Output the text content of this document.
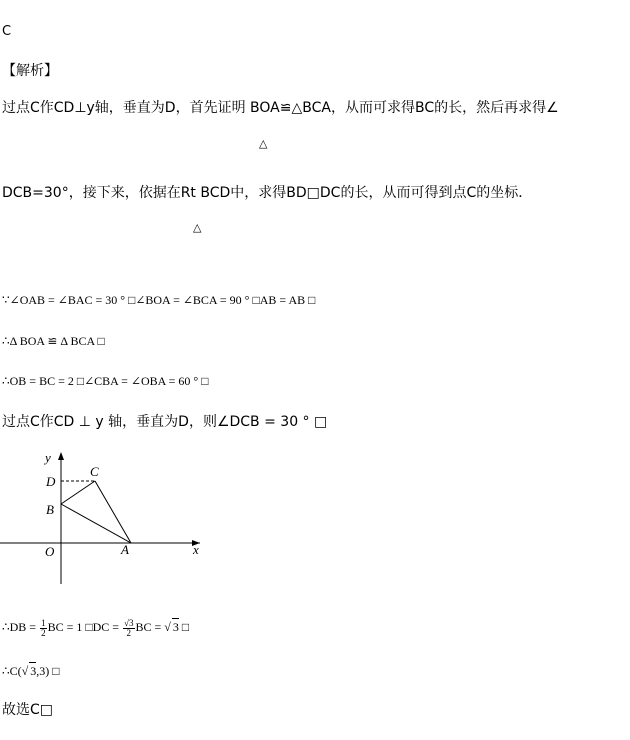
C
【解析】
过点C作CD⊥y轴，垂直为D，首先证明 BOA≌△BCA，从而可求得BC的长，然后再求得∠
△
DCB=30°，接下来，依据在Rt BCD中，求得BD□DC的长，从而可得到点C的坐标．
△
∵∠OAB = ∠BAC = 30 ° □∠BOA = ∠BCA = 90 ° □AB = AB □
∴Δ BOA ≌ Δ BCA □
∴OB = BC = 2 □∠CBA = ∠OBA = 60 ° □
过点C作CD ⊥ y 轴，垂直为D，则∠DCB = 30 ° □
y
C
D
B
O	A	x
∴DB = $\frac{1}{2}$ BC = 1 □DC = $\frac{√3}{2}$ BC = √ 3 □
∴C(√ 3,3) □
故选C□
